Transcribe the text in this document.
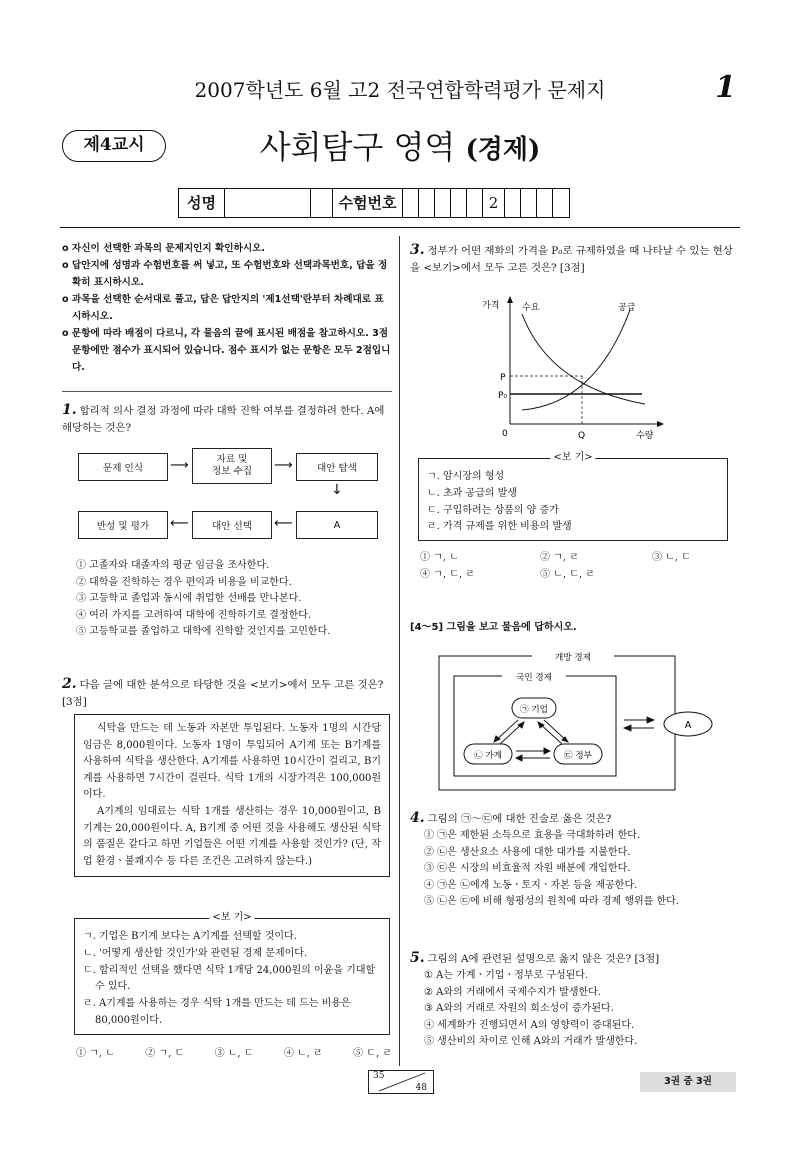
2007학년도 6월 고2 전국연합학력평가 문제지	1
제4교시	사회탐구 영역 (경제)
성명	수험번호	2

o 자신이 선택한 과목의 문제지인지 확인하시오.

o 답안지에 성명과 수험번호를 써 넣고, 또 수험번호와 선택과목번호, 답을 정확히 표시하시오.

o 과목을 선택한 순서대로 풀고, 답은 답안지의 '제1선택'란부터 차례대로 표시하시오.

o 문항에 따라 배점이 다르니, 각 물음의 끝에 표시된 배점을 참고하시오. 3점 문항에만 점수가 표시되어 있습니다. 점수 표시가 없는 문항은 모두 2점입니다.

1. 합리적 의사 결정 과정에 따라 대학 진학 여부를 결정하려 한다. A에 해당하는 것은?
문제 인식	⟶	자료 및
정보 수집 ⟶	대안 탐색
↓
A
⟵
대안 선택
⟵
반성 및 평가
① 고졸자와 대졸자의 평균 임금을 조사한다.
② 대학을 진학하는 경우 편익과 비용을 비교한다.
③ 고등학교 졸업과 동시에 취업한 선배를 만나본다.
④ 여러 가지를 고려하여 대학에 진학하기로 결정한다.
⑤ 고등학교를 졸업하고 대학에 진학할 것인지를 고민한다.
2. 다음 글에 대한 분석으로 타당한 것을 <보기>에서 모두 고른 것은? [3점]

식탁을 만드는 데 노동과 자본만 투입된다. 노동자 1명의 시간당 임금은 8,000원이다. 노동자 1명이 투입되어 A기계 또는 B기계를 사용하여 식탁을 생산한다. A기계를 사용하면 10시간이 걸리고, B기계를 사용하면 7시간이 걸린다. 식탁 1개의 시장가격은 100,000원이다.

A기계의 임대료는 식탁 1개를 생산하는 경우 10,000원이고, B기계는 20,000원이다. A, B기계 중 어떤 것을 사용해도 생산된 식탁의 품질은 같다고 하면 기업들은 어떤 기계를 사용할 것인가? (단, 작업 환경ㆍ불쾌지수 등 다른 조건은 고려하지 않는다.)

<보 기>
ㄱ. 기업은 B기계 보다는 A기계를 선택할 것이다.
ㄴ. '어떻게 생산할 것인가'와 관련된 경제 문제이다.
ㄷ. 합리적인 선택을 했다면 식탁 1개당 24,000원의 이윤을 기대할 수 있다.
ㄹ. A기계를 사용하는 경우 식탁 1개를 만드는 데 드는 비용은 80,000원이다.
① ㄱ, ㄴ	② ㄱ, ㄷ	③ ㄴ, ㄷ	④ ㄴ, ㄹ	⑤ ㄷ, ㄹ
3. 정부가 어떤 재화의 가격을 P₀로 규제하였을 때 나타날 수 있는 현상을 <보기>에서 모두 고른 것은? [3점]
가격
수량
수요	공급
P
P₀
Q
0
<보 기>
ㄱ. 암시장의 형성
ㄴ. 초과 공급의 발생
ㄷ. 구입하려는 상품의 양 증가
ㄹ. 가격 규제를 위한 비용의 발생
① ㄱ, ㄴ	② ㄱ, ㄹ	③ ㄴ, ㄷ
④ ㄱ, ㄷ, ㄹ	⑤ ㄴ, ㄷ, ㄹ
[4～5] 그림을 보고 물음에 답하시오.
개방 경제
국민 경제
㉠ 기업
㉡ 가계	㉢ 정부
A
4. 그림의 ㉠～㉢에 대한 진술로 옳은 것은?
① ㉠은 제한된 소득으로 효용을 극대화하려 한다.
② ㉡은 생산요소 사용에 대한 대가를 지불한다.
③ ㉢은 시장의 비효율적 자원 배분에 개입한다.
④ ㉠은 ㉡에게 노동ㆍ토지ㆍ자본 등을 제공한다.
⑤ ㉡은 ㉢에 비해 형평성의 원칙에 따라 경제 행위를 한다.
5. 그림의 A에 관련된 설명으로 옳지 않은 것은? [3점]
① A는 가계ㆍ기업ㆍ정부로 구성된다.
② A와의 거래에서 국제수지가 발생한다.
③ A와의 거래로 자원의 희소성이 증가된다.
④ 세계화가 진행되면서 A의 영향력이 증대된다.
⑤ 생산비의 차이로 인해 A와의 거래가 발생한다.
35
48
3권 중 3권
